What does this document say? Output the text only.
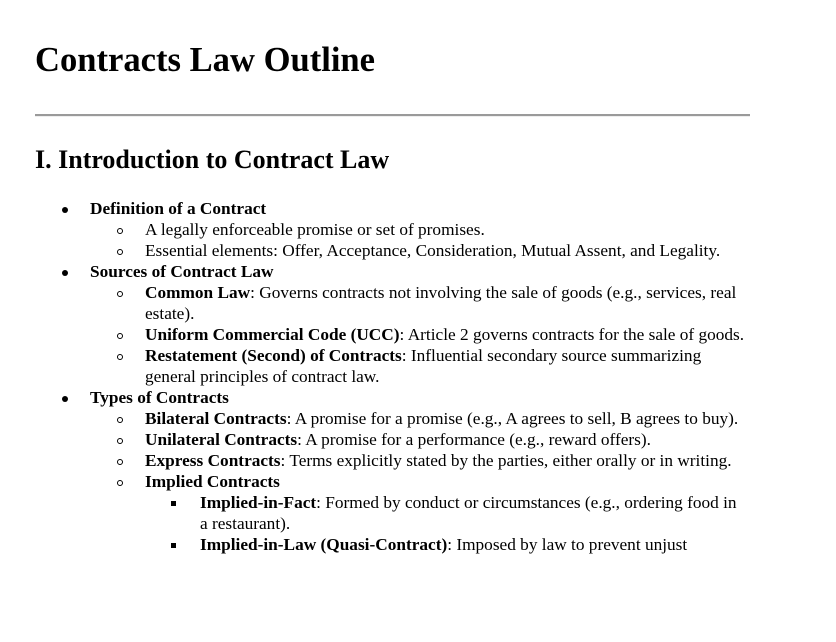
Contracts Law Outline
I. Introduction to Contract Law
Definition of a Contract
A legally enforceable promise or set of promises.
Essential elements: Offer, Acceptance, Consideration, Mutual Assent, and Legality.
Sources of Contract Law
Common Law: Governs contracts not involving the sale of goods (e.g., services, real estate).
Uniform Commercial Code (UCC): Article 2 governs contracts for the sale of goods.
Restatement (Second) of Contracts: Influential secondary source summarizing general principles of contract law.
Types of Contracts
Bilateral Contracts: A promise for a promise (e.g., A agrees to sell, B agrees to buy).
Unilateral Contracts: A promise for a performance (e.g., reward offers).
Express Contracts: Terms explicitly stated by the parties, either orally or in writing.
Implied Contracts
Implied-in-Fact: Formed by conduct or circumstances (e.g., ordering food in a restaurant).
Implied-in-Law (Quasi-Contract): Imposed by law to prevent unjust
